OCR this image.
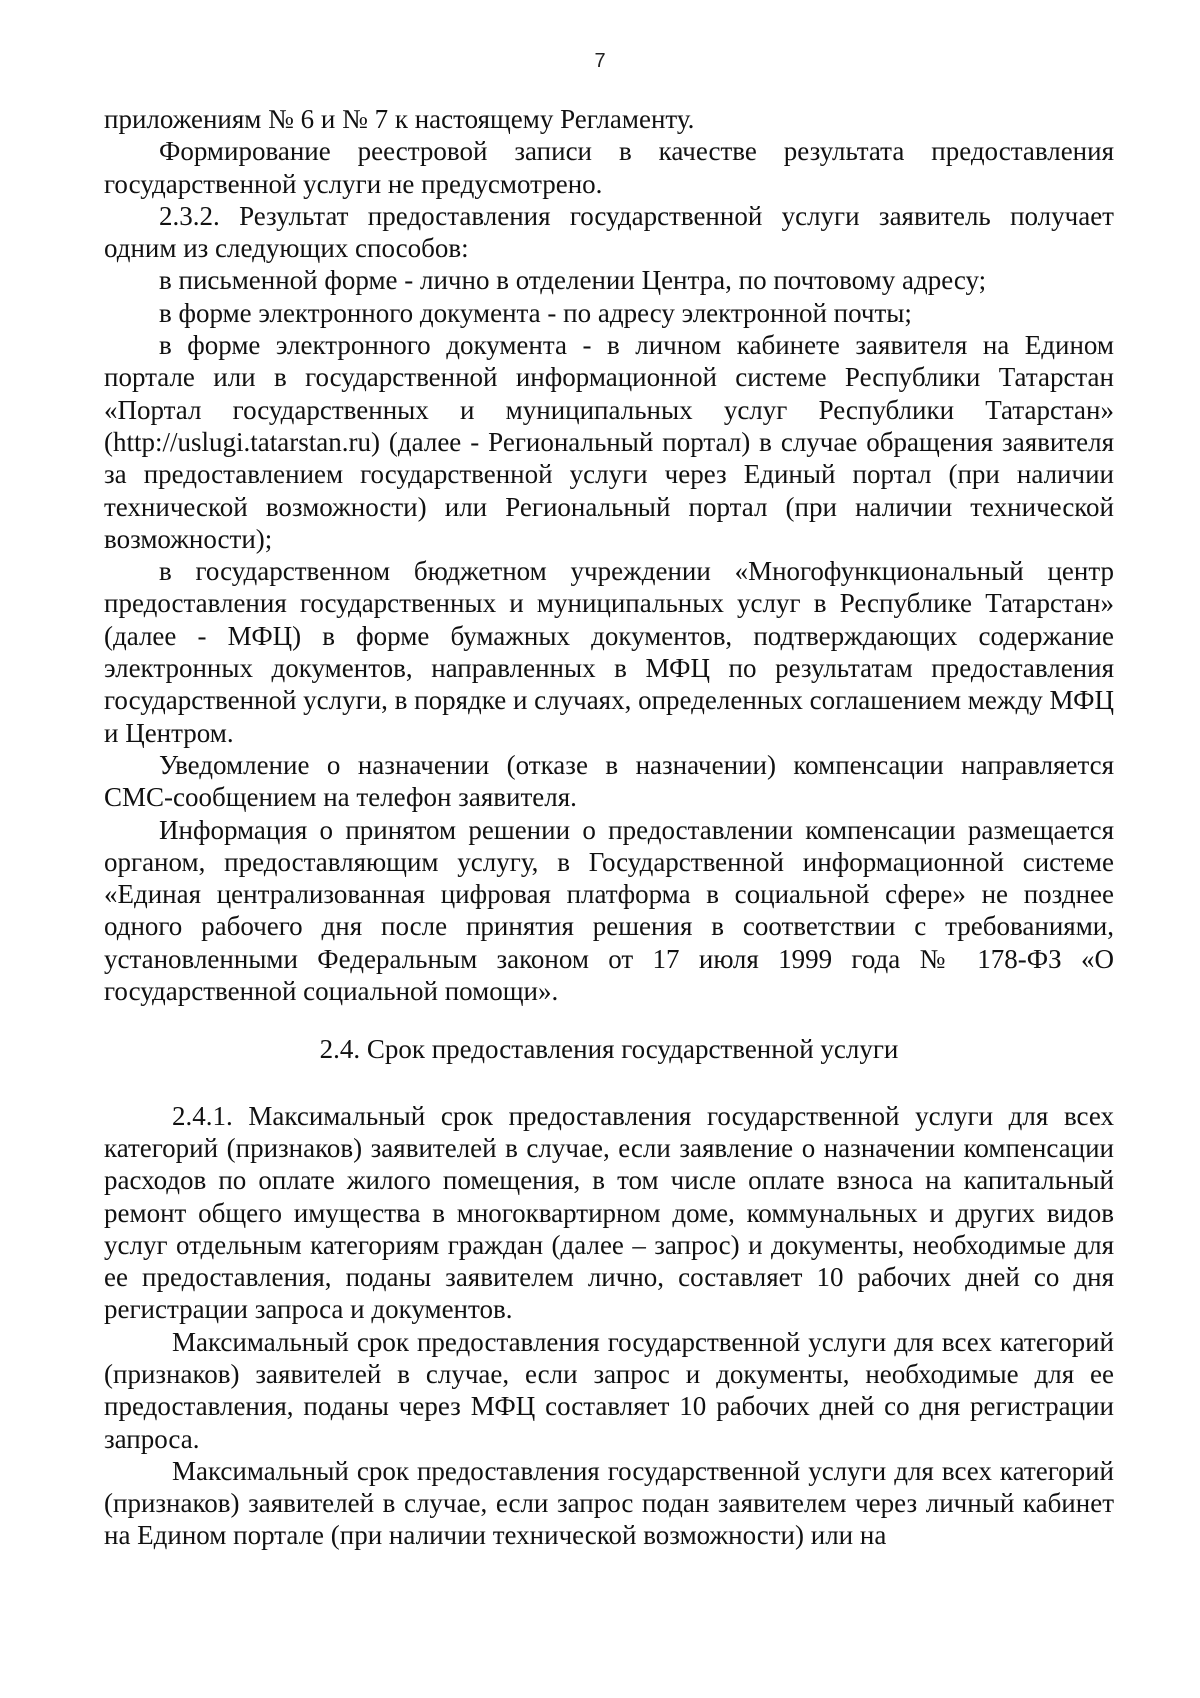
7

приложениям № 6 и № 7 к настоящему Регламенту.

Формирование реестровой записи в качестве результата предоставления государственной услуги не предусмотрено.

2.3.2. Результат предоставления государственной услуги заявитель получает одним из следующих способов:

в письменной форме - лично в отделении Центра, по почтовому адресу;

в форме электронного документа - по адресу электронной почты;

в форме электронного документа - в личном кабинете заявителя на Едином портале или в государственной информационной системе Республики Татарстан «Портал государственных и муниципальных услуг Республики Татарстан» (http://uslugi.tatarstan.ru) (далее - Региональный портал) в случае обращения заявителя за предоставлением государственной услуги через Единый портал (при наличии технической возможности) или Региональный портал (при наличии технической возможности);

в государственном бюджетном учреждении «Многофункциональный центр предоставления государственных и муниципальных услуг в Республике Татарстан» (далее - МФЦ) в форме бумажных документов, подтверждающих содержание электронных документов, направленных в МФЦ по результатам предоставления государственной услуги, в порядке и случаях, определенных соглашением между МФЦ и Центром.

Уведомление о назначении (отказе в назначении) компенсации направляется СМС-сообщением на телефон заявителя.

Информация о принятом решении о предоставлении компенсации размещается органом, предоставляющим услугу, в Государственной информационной системе «Единая централизованная цифровая платформа в социальной сфере» не позднее одного рабочего дня после принятия решения в соответствии с требованиями, установленными Федеральным законом от 17 июля 1999 года № 178-ФЗ «О государственной социальной помощи».

2.4. Срок предоставления государственной услуги

2.4.1. Максимальный срок предоставления государственной услуги для всех категорий (признаков) заявителей в случае, если заявление о назначении компенсации расходов по оплате жилого помещения, в том числе оплате взноса на капитальный ремонт общего имущества в многоквартирном доме, коммунальных и других видов услуг отдельным категориям граждан (далее – запрос) и документы, необходимые для ее предоставления, поданы заявителем лично, составляет 10 рабочих дней со дня регистрации запроса и документов.

Максимальный срок предоставления государственной услуги для всех категорий (признаков) заявителей в случае, если запрос и документы, необходимые для ее предоставления, поданы через МФЦ составляет 10 рабочих дней со дня регистрации запроса.

Максимальный срок предоставления государственной услуги для всех категорий (признаков) заявителей в случае, если запрос подан заявителем через личный кабинет на Едином портале (при наличии технической возможности) или на
